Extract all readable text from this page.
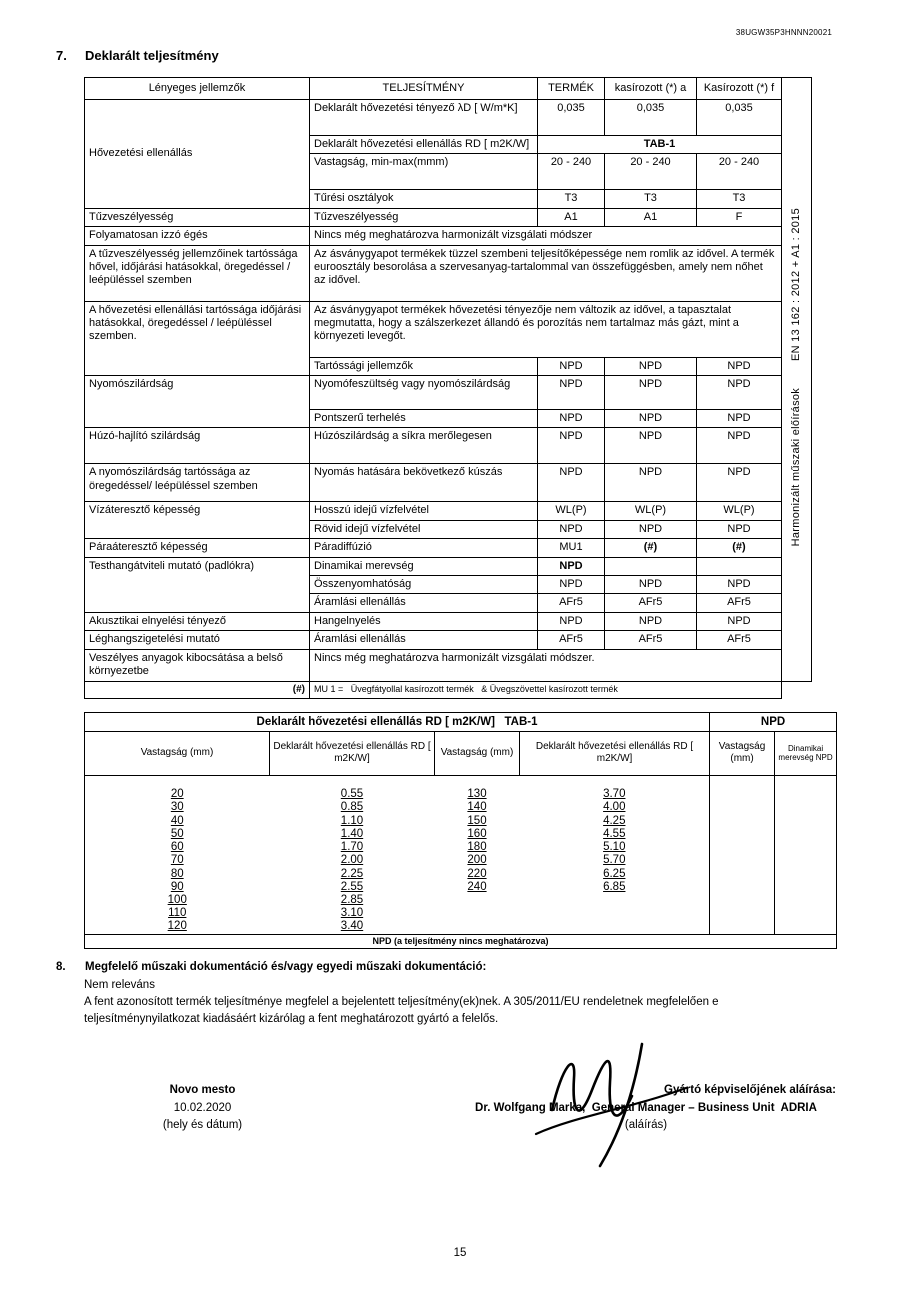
38UGW35P3HNNN20021
7. Deklarált teljesítmény
Lényeges jellemzők	TELJESÍTMÉNY	TERMÉK	kasírozott (*) a	Kasírozott (*) f	Harmonizált műszaki előírások        EN 13 162 : 2012 + A1 : 2015
Hővezetési ellenállás	Deklarált hővezetési tényező λD [ W/m*K]	0,035	0,035	0,035	
	Deklarált hővezetési ellenállás RD [ m2K/W]	TAB-1			
	Vastagság, min-max(mmm)	20 - 240	20 - 240	20 - 240	
	Tűrési osztályok	T3	T3	T3	
Tűzveszélyesség	Tűzveszélyesség	A1	A1	F	
Folyamatosan izzó égés	Nincs még meghatározva harmonizált vizsgálati módszer				
A tűzveszélyesség jellemzőinek tartóssága hővel, időjárási hatásokkal, öregedéssel / leépüléssel szemben	Az ásványgyapot termékek tüzzel szembeni teljesítőképessége nem romlik az idővel. A termék euroosztály besorolása a szervesanyag-tartalommal van összefüggésben, amely nem nőhet az idővel.				
A hővezetési ellenállási tartóssága időjárási hatásokkal, öregedéssel / leépüléssel szemben.	Az ásványgyapot termékek hővezetési tényezője nem változik az idővel, a tapasztalat megmutatta, hogy a szálszerkezet állandó és porozítás nem tartalmaz más gázt, mint a környezeti levegőt.				
	Tartóssági jellemzők	NPD	NPD	NPD	
Nyomószilárdság	Nyomófeszültség vagy nyomószilárdság	NPD	NPD	NPD	
	Pontszerű terhelés	NPD	NPD	NPD	
Húzó-hajlító szilárdság	Húzószilárdság a síkra merőlegesen	NPD	NPD	NPD	
A nyomószilárdság tartóssága az öregedéssel/ leépüléssel szemben	Nyomás hatására bekövetkező kúszás	NPD	NPD	NPD	
Vízáteresztő képesség	Hosszú idejű vízfelvétel	WL(P)	WL(P)	WL(P)	
	Rövid idejű vízfelvétel	NPD	NPD	NPD	
Páraáteresztő képesség	Páradiffúzió	MU1	(#)	(#)	
Testhangátviteli mutató (padlókra)	Dinamikai merevség	NPD			
	Összenyomhatóság	NPD	NPD	NPD	
	Áramlási ellenállás	AFr5	AFr5	AFr5	
Akusztikai elnyelési tényező	Hangelnyelés	NPD	NPD	NPD	
Léghangszigetelési mutató	Áramlási ellenállás	AFr5	AFr5	AFr5	
Veszélyes anyagok kibocsátása a belső környezetbe	Nincs még meghatározva harmonizált vizsgálati módszer.				
(#)	MU 1 =   Üvegfátyollal kasírozott termék   & Üvegszövettel kasírozott termék				
Deklarált hővezetési ellenállás RD [ m2K/W]   TAB-1				NPD	
Vastagság (mm)	Deklarált hővezetési ellenállás RD [ m2K/W]	Vastagság (mm)	Deklarált hővezetési ellenállás RD [ m2K/W]	Vastagság (mm)	Dinamikai merevség NPD

20	0.55	130	3.70		
30	0.85	140	4.00		
40	1.10	150	4.25		
50	1.40	160	4.55		
60	1.70	180	5.10		
70	2.00	200	5.70		
80	2.25	220	6.25		
90	2.55	240	6.85		
100	2.85				
110	3.10				
120	3.40				
NPD (a teljesítmény nincs meghatározva)					
8.	Megfelelő műszaki dokumentáció és/vagy egyedi műszaki dokumentáció:
Nem releváns
A fent azonosított termék teljesítménye megfelel a bejelentett teljesítmény(ek)nek. A 305/2011/EU rendeletnek megfelelően e teljesítménynyilatkozat kiadásáért kizárólag a fent meghatározott gyártó a felelős.
Novo mesto
10.02.2020
(hely és dátum)
Gyártó képviselőjének aláírása:
Dr. Wolfgang Marka,  General Manager – Business Unit  ADRIA
(aláírás)
15
